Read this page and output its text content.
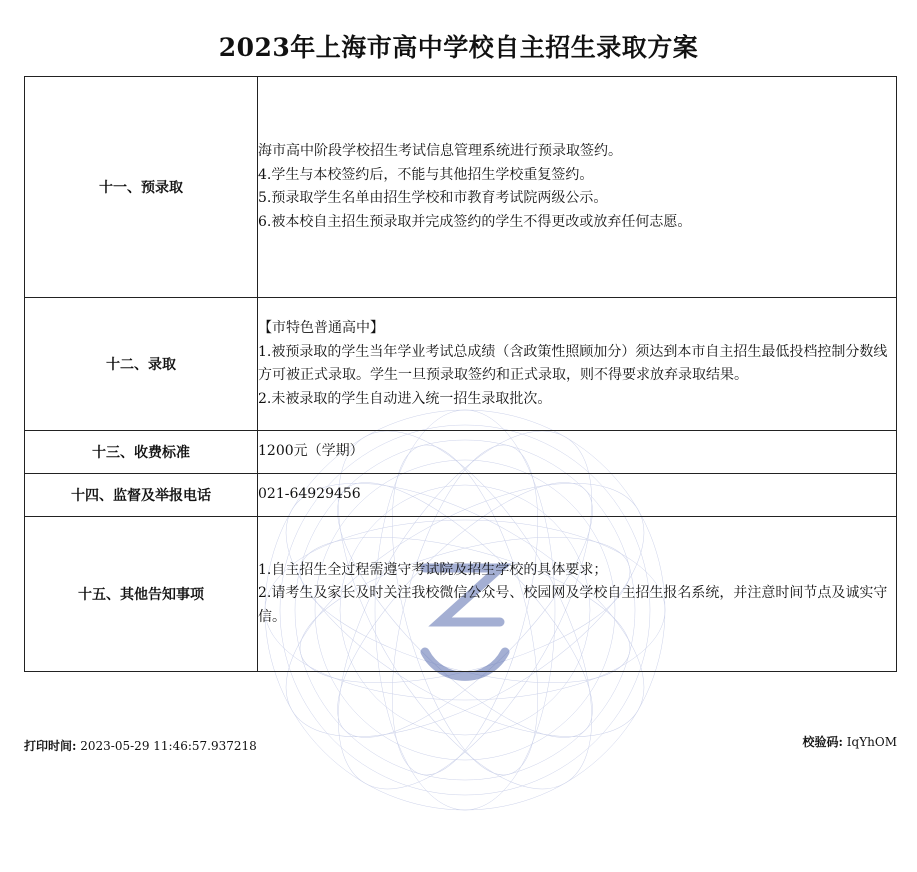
2023年上海市高中学校自主招生录取方案
十一、预录取	海市高中阶段学校招生考试信息管理系统进行预录取签约。
4.学生与本校签约后，不能与其他招生学校重复签约。
5.预录取学生名单由招生学校和市教育考试院两级公示。
6.被本校自主招生预录取并完成签约的学生不得更改或放弃任何志愿。

十二、录取	【市特色普通高中】
1.被预录取的学生当年学业考试总成绩（含政策性照顾加分）须达到本市自主招生最低投档控制分数线方可被正式录取。学生一旦预录取签约和正式录取，则不得要求放弃录取结果。
2.未被录取的学生自动进入统一招生录取批次。

十三、收费标准	1200元（学期）

十四、监督及举报电话	021-64929456

十五、其他告知事项	1.自主招生全过程需遵守考试院及招生学校的具体要求；
2.请考生及家长及时关注我校微信公众号、校园网及学校自主招生报名系统，并注意时间节点及诚实守信。
打印时间: 2023-05-29 11:46:57.937218	校验码: IqYhOM
